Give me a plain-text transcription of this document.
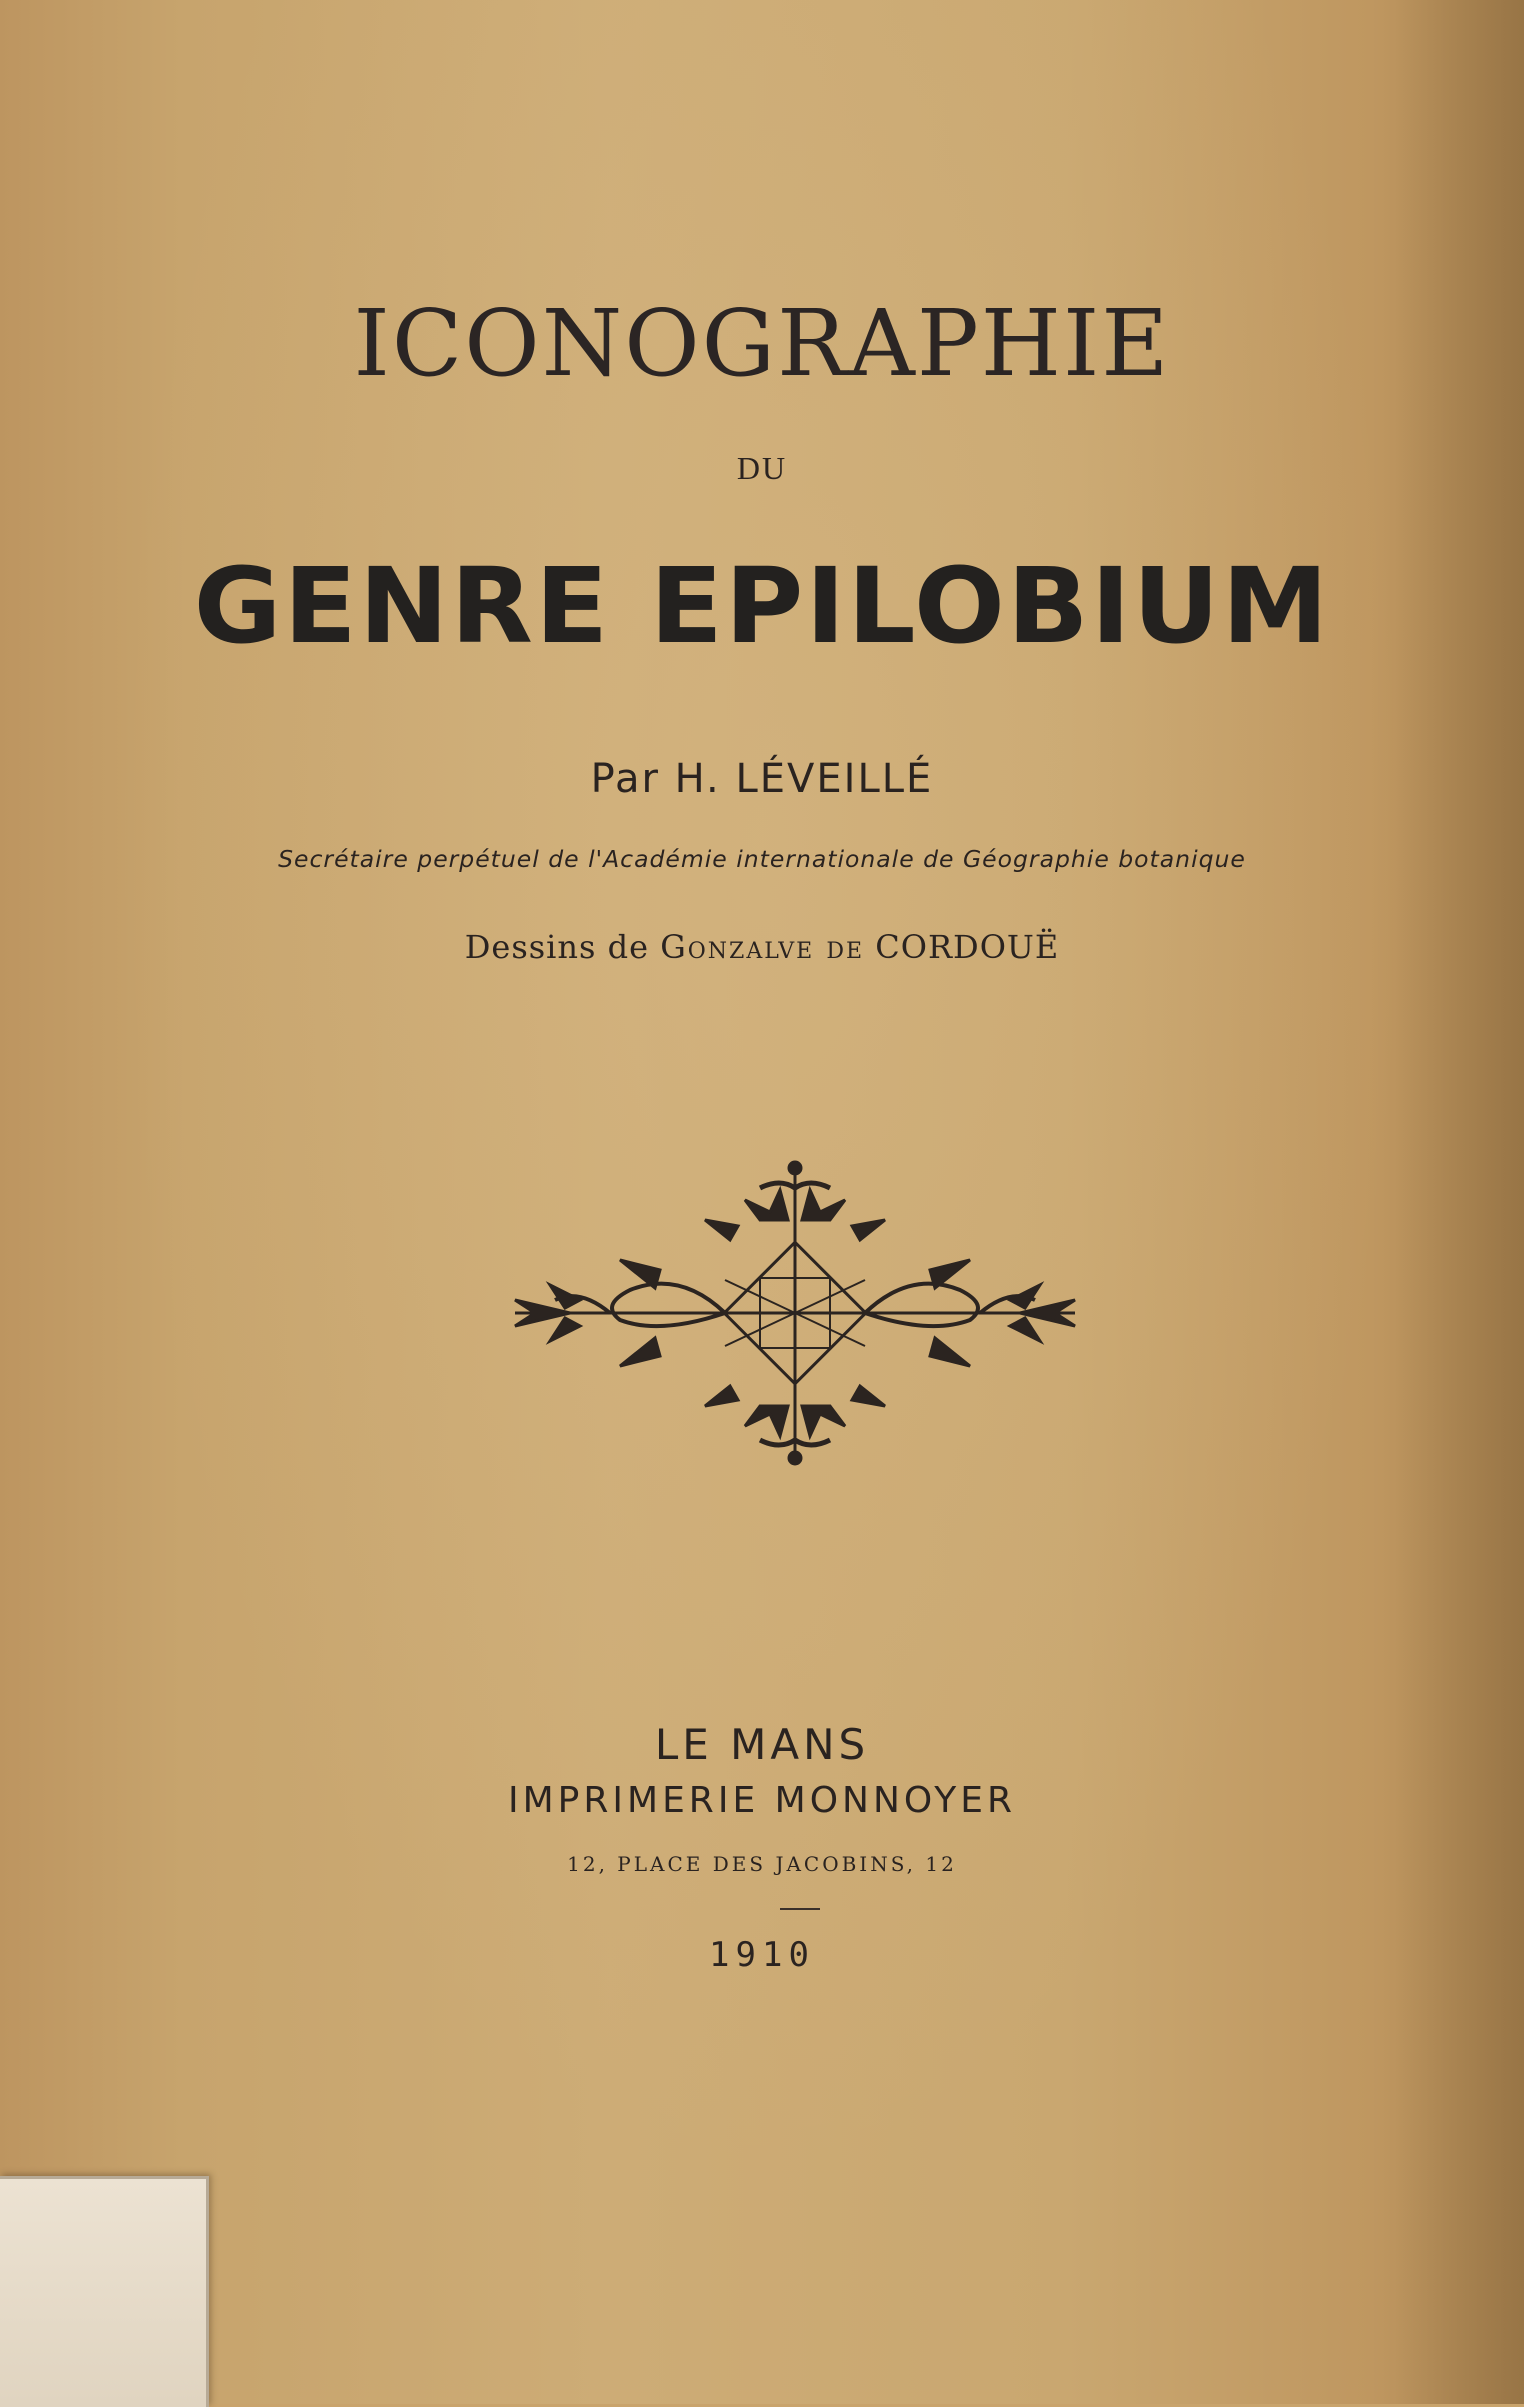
ICONOGRAPHIE
DU
GENRE EPILOBIUM
Par H. LÉVEILLÉ
Secrétaire perpétuel de l'Académie internationale de Géographie botanique
Dessins de Gonzalve de CORDOUË
LE MANS
IMPRIMERIE MONNOYER
12, PLACE DES JACOBINS, 12
1910
